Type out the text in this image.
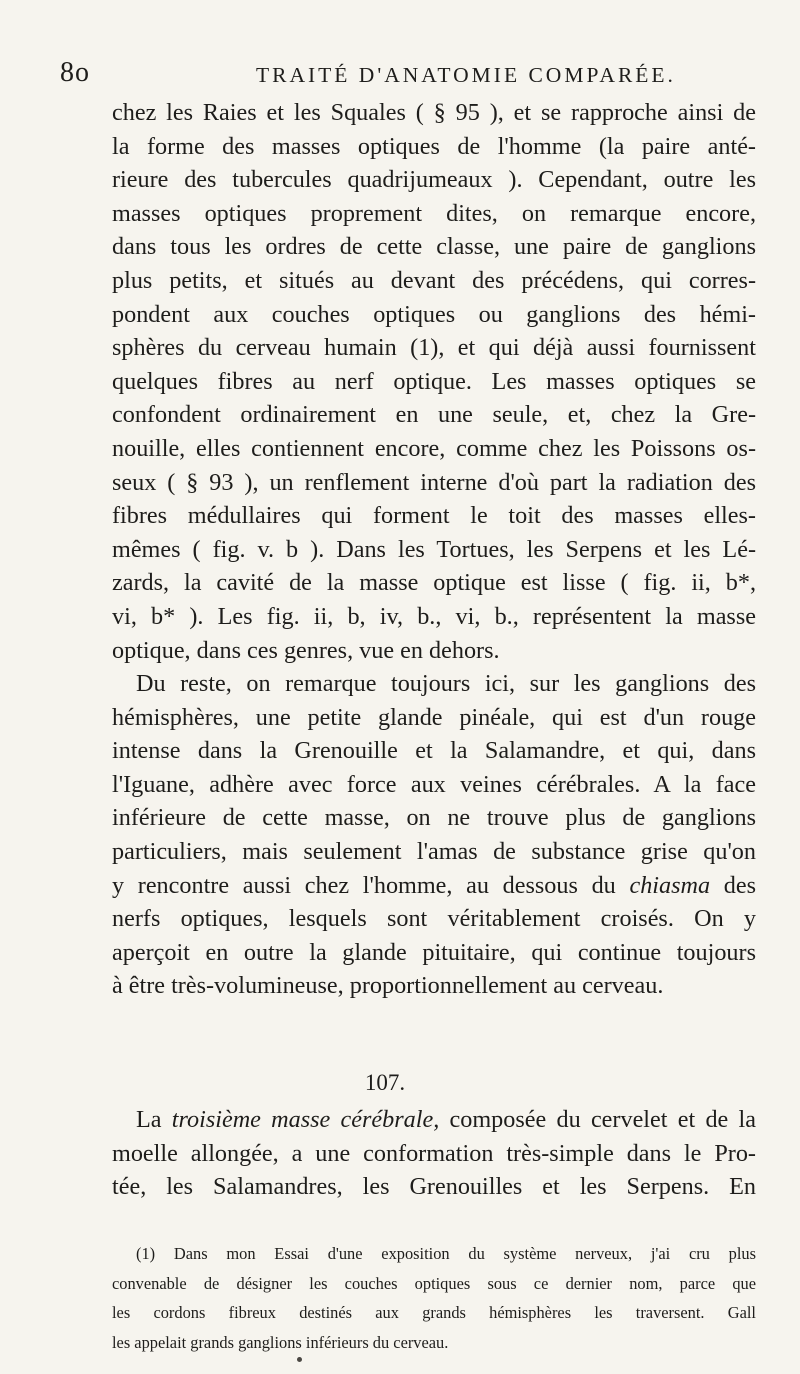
8o	TRAITÉ D'ANATOMIE COMPARÉE.
chez les Raies et les Squales ( § 95 ), et se rapproche ainsi de
la forme des masses optiques de l'homme (la paire anté-
rieure des tubercules quadrijumeaux ). Cependant, outre les
masses optiques proprement dites, on remarque encore,
dans tous les ordres de cette classe, une paire de ganglions
plus petits, et situés au devant des précédens, qui corres-
pondent aux couches optiques ou ganglions des hémi-
sphères du cerveau humain (1), et qui déjà aussi fournissent
quelques fibres au nerf optique. Les masses optiques se
confondent ordinairement en une seule, et, chez la Gre-
nouille, elles contiennent encore, comme chez les Poissons os-
seux ( § 93 ), un renflement interne d'où part la radiation des
fibres médullaires qui forment le toit des masses elles-
mêmes ( fig. v. b ). Dans les Tortues, les Serpens et les Lé-
zards, la cavité de la masse optique est lisse ( fig. ii, b*,
vi, b* ). Les fig. ii, b, iv, b., vi, b., représentent la masse
optique, dans ces genres, vue en dehors.
Du reste, on remarque toujours ici, sur les ganglions des
hémisphères, une petite glande pinéale, qui est d'un rouge
intense dans la Grenouille et la Salamandre, et qui, dans
l'Iguane, adhère avec force aux veines cérébrales. A la face
inférieure de cette masse, on ne trouve plus de ganglions
particuliers, mais seulement l'amas de substance grise qu'on
y rencontre aussi chez l'homme, au dessous du chiasma des
nerfs optiques, lesquels sont véritablement croisés. On y
aperçoit en outre la glande pituitaire, qui continue toujours
à être très-volumineuse, proportionnellement au cerveau.
107.
La troisième masse cérébrale, composée du cervelet et de la
moelle allongée, a une conformation très-simple dans le Pro-
tée, les Salamandres, les Grenouilles et les Serpens. En
(1) Dans mon Essai d'une exposition du système nerveux, j'ai cru plus
convenable de désigner les couches optiques sous ce dernier nom, parce que
les cordons fibreux destinés aux grands hémisphères les traversent. Gall
les appelait grands ganglions inférieurs du cerveau.
